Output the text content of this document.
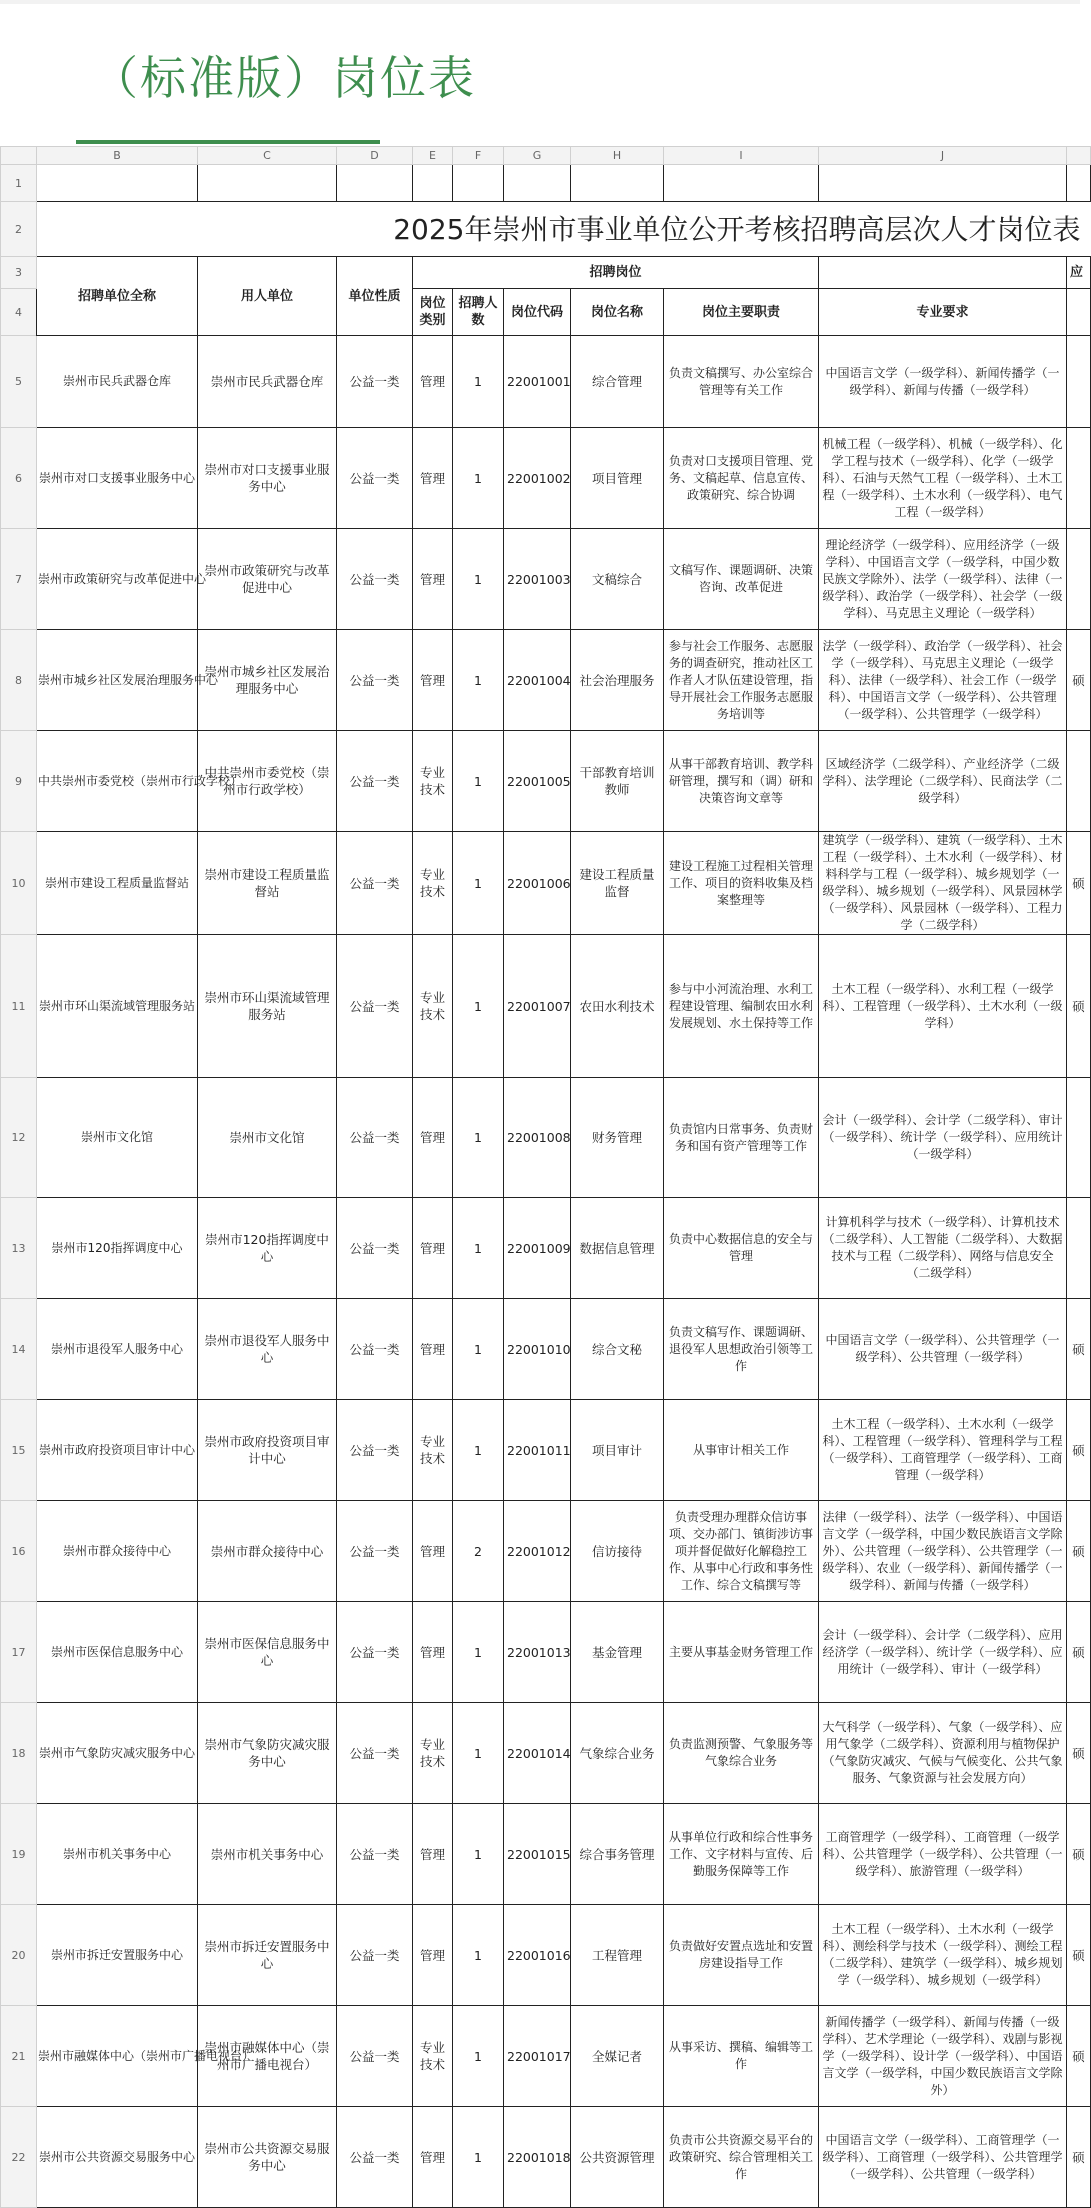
（标准版）岗位表
	B	C	D	E	F	G	H	I	J	
1										
2	2025年崇州市事业单位公开考核招聘高层次人才岗位表									
3	招聘单位全称	用人单位	单位性质	招聘岗位						应
4				岗位类别	招聘人数	岗位代码	岗位名称	岗位主要职责	专业要求	
5	崇州市民兵武器仓库	崇州市民兵武器仓库	公益一类	管理	1	22001001	综合管理	负责文稿撰写、办公室综合管理等有关工作	中国语言文学（一级学科）、新闻传播学（一级学科）、新闻与传播（一级学科）	
6	崇州市对口支援事业服务中心	崇州市对口支援事业服务中心	公益一类	管理	1	22001002	项目管理	负责对口支援项目管理、党务、文稿起草、信息宣传、政策研究、综合协调	机械工程（一级学科）、机械（一级学科）、化学工程与技术（一级学科）、化学（一级学科）、石油与天然气工程（一级学科）、土木工程（一级学科）、土木水利（一级学科）、电气工程（一级学科）	
7	崇州市政策研究与改革促进中心	崇州市政策研究与改革促进中心	公益一类	管理	1	22001003	文稿综合	文稿写作、课题调研、决策咨询、改革促进	理论经济学（一级学科）、应用经济学（一级学科）、中国语言文学（一级学科，中国少数民族文学除外）、法学（一级学科）、法律（一级学科）、政治学（一级学科）、社会学（一级学科）、马克思主义理论（一级学科）	
8	崇州市城乡社区发展治理服务中心	崇州市城乡社区发展治理服务中心	公益一类	管理	1	22001004	社会治理服务	参与社会工作服务、志愿服务的调查研究，推动社区工作者人才队伍建设管理，指导开展社会工作服务志愿服务培训等	法学（一级学科）、政治学（一级学科）、社会学（一级学科）、马克思主义理论（一级学科）、法律（一级学科）、社会工作（一级学科）、中国语言文学（一级学科）、公共管理（一级学科）、公共管理学（一级学科）	硕
9	中共崇州市委党校（崇州市行政学校）	中共崇州市委党校（崇州市行政学校）	公益一类	专业技术	1	22001005	干部教育培训教师	从事干部教育培训、教学科研管理，撰写和（调）研和决策咨询文章等	区域经济学（二级学科）、产业经济学（二级学科）、法学理论（二级学科）、民商法学（二级学科）	
10	崇州市建设工程质量监督站	崇州市建设工程质量监督站	公益一类	专业技术	1	22001006	建设工程质量监督	建设工程施工过程相关管理工作、项目的资料收集及档案整理等	建筑学（一级学科）、建筑（一级学科）、土木工程（一级学科）、土木水利（一级学科）、材料科学与工程（一级学科）、城乡规划学（一级学科）、城乡规划（一级学科）、风景园林学（一级学科）、风景园林（一级学科）、工程力学（二级学科）	硕
11	崇州市环山渠流域管理服务站	崇州市环山渠流域管理服务站	公益一类	专业技术	1	22001007	农田水利技术	参与中小河流治理、水利工程建设管理、编制农田水利发展规划、水土保持等工作	土木工程（一级学科）、水利工程（一级学科）、工程管理（一级学科）、土木水利（一级学科）	硕
12	崇州市文化馆	崇州市文化馆	公益一类	管理	1	22001008	财务管理	负责馆内日常事务、负责财务和国有资产管理等工作	会计（一级学科）、会计学（二级学科）、审计（一级学科）、统计学（一级学科）、应用统计（一级学科）	
13	崇州市120指挥调度中心	崇州市120指挥调度中心	公益一类	管理	1	22001009	数据信息管理	负责中心数据信息的安全与管理	计算机科学与技术（一级学科）、计算机技术（二级学科）、人工智能（二级学科）、大数据技术与工程（二级学科）、网络与信息安全（二级学科）	
14	崇州市退役军人服务中心	崇州市退役军人服务中心	公益一类	管理	1	22001010	综合文秘	负责文稿写作、课题调研、退役军人思想政治引领等工作	中国语言文学（一级学科）、公共管理学（一级学科）、公共管理（一级学科）	硕
15	崇州市政府投资项目审计中心	崇州市政府投资项目审计中心	公益一类	专业技术	1	22001011	项目审计	从事审计相关工作	土木工程（一级学科）、土木水利（一级学科）、工程管理（一级学科）、管理科学与工程（一级学科）、工商管理学（一级学科）、工商管理（一级学科）	硕
16	崇州市群众接待中心	崇州市群众接待中心	公益一类	管理	2	22001012	信访接待	负责受理办理群众信访事项、交办部门、镇街涉访事项并督促做好化解稳控工作、从事中心行政和事务性工作、综合文稿撰写等	法律（一级学科）、法学（一级学科）、中国语言文学（一级学科，中国少数民族语言文学除外）、公共管理（一级学科）、公共管理学（一级学科）、农业（一级学科）、新闻传播学（一级学科）、新闻与传播（一级学科）	硕
17	崇州市医保信息服务中心	崇州市医保信息服务中心	公益一类	管理	1	22001013	基金管理	主要从事基金财务管理工作	会计（一级学科）、会计学（二级学科）、应用经济学（一级学科）、统计学（一级学科）、应用统计（一级学科）、审计（一级学科）	硕
18	崇州市气象防灾减灾服务中心	崇州市气象防灾减灾服务中心	公益一类	专业技术	1	22001014	气象综合业务	负责监测预警、气象服务等气象综合业务	大气科学（一级学科）、气象（一级学科）、应用气象学（二级学科）、资源利用与植物保护（气象防灾减灾、气候与气候变化、公共气象服务、气象资源与社会发展方向）	硕
19	崇州市机关事务中心	崇州市机关事务中心	公益一类	管理	1	22001015	综合事务管理	从事单位行政和综合性事务工作、文字材料与宣传、后勤服务保障等工作	工商管理学（一级学科）、工商管理（一级学科）、公共管理学（一级学科）、公共管理（一级学科）、旅游管理（一级学科）	硕
20	崇州市拆迁安置服务中心	崇州市拆迁安置服务中心	公益一类	管理	1	22001016	工程管理	负责做好安置点选址和安置房建设指导工作	土木工程（一级学科）、土木水利（一级学科）、测绘科学与技术（一级学科）、测绘工程（二级学科）、建筑学（一级学科）、城乡规划学（一级学科）、城乡规划（一级学科）	硕
21	崇州市融媒体中心（崇州市广播电视台）	崇州市融媒体中心（崇州市广播电视台）	公益一类	专业技术	1	22001017	全媒记者	从事采访、撰稿、编辑等工作	新闻传播学（一级学科）、新闻与传播（一级学科）、艺术学理论（一级学科）、戏剧与影视学（一级学科）、设计学（一级学科）、中国语言文学（一级学科，中国少数民族语言文学除外）	硕
22	崇州市公共资源交易服务中心	崇州市公共资源交易服务中心	公益一类	管理	1	22001018	公共资源管理	负责市公共资源交易平台的政策研究、综合管理相关工作	中国语言文学（一级学科）、工商管理学（一级学科）、工商管理（一级学科）、公共管理学（一级学科）、公共管理（一级学科）	硕
